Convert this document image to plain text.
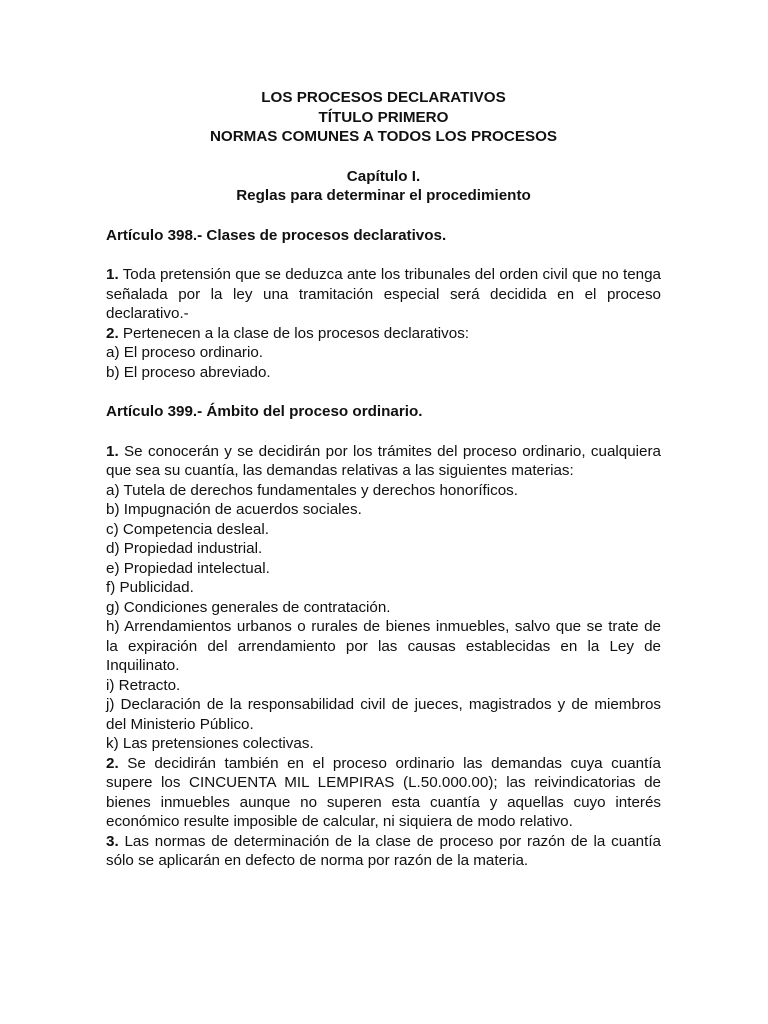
LOS PROCESOS DECLARATIVOS
TÍTULO PRIMERO
NORMAS COMUNES A TODOS LOS PROCESOS
Capítulo I.
Reglas para determinar el procedimiento
Artículo 398.- Clases de procesos declarativos.
1. Toda pretensión que se deduzca ante los tribunales del orden civil que no tenga señalada por la ley una tramitación especial será decidida en el proceso declarativo.-
2. Pertenecen a la clase de los procesos declarativos:
a) El proceso ordinario.
b) El proceso abreviado.
Artículo 399.- Ámbito del proceso ordinario.
1. Se conocerán y se decidirán por los trámites del proceso ordinario, cualquiera que sea su cuantía, las demandas relativas a las siguientes materias:
a) Tutela de derechos fundamentales y derechos honoríficos.
b) Impugnación de acuerdos sociales.
c) Competencia desleal.
d) Propiedad industrial.
e) Propiedad intelectual.
f) Publicidad.
g) Condiciones generales de contratación.
h) Arrendamientos urbanos o rurales de bienes inmuebles, salvo que se trate de la expiración del arrendamiento por las causas establecidas en la Ley de Inquilinato.
i) Retracto.
j) Declaración de la responsabilidad civil de jueces, magistrados y de miembros del Ministerio Público.
k) Las pretensiones colectivas.
2. Se decidirán también en el proceso ordinario las demandas cuya cuantía supere los CINCUENTA MIL LEMPIRAS (L.50.000.00); las reivindicatorias de bienes inmuebles aunque no superen esta cuantía y aquellas cuyo interés económico resulte imposible de calcular, ni siquiera de modo relativo.
3. Las normas de determinación de la clase de proceso por razón de la cuantía sólo se aplicarán en defecto de norma por razón de la materia.
